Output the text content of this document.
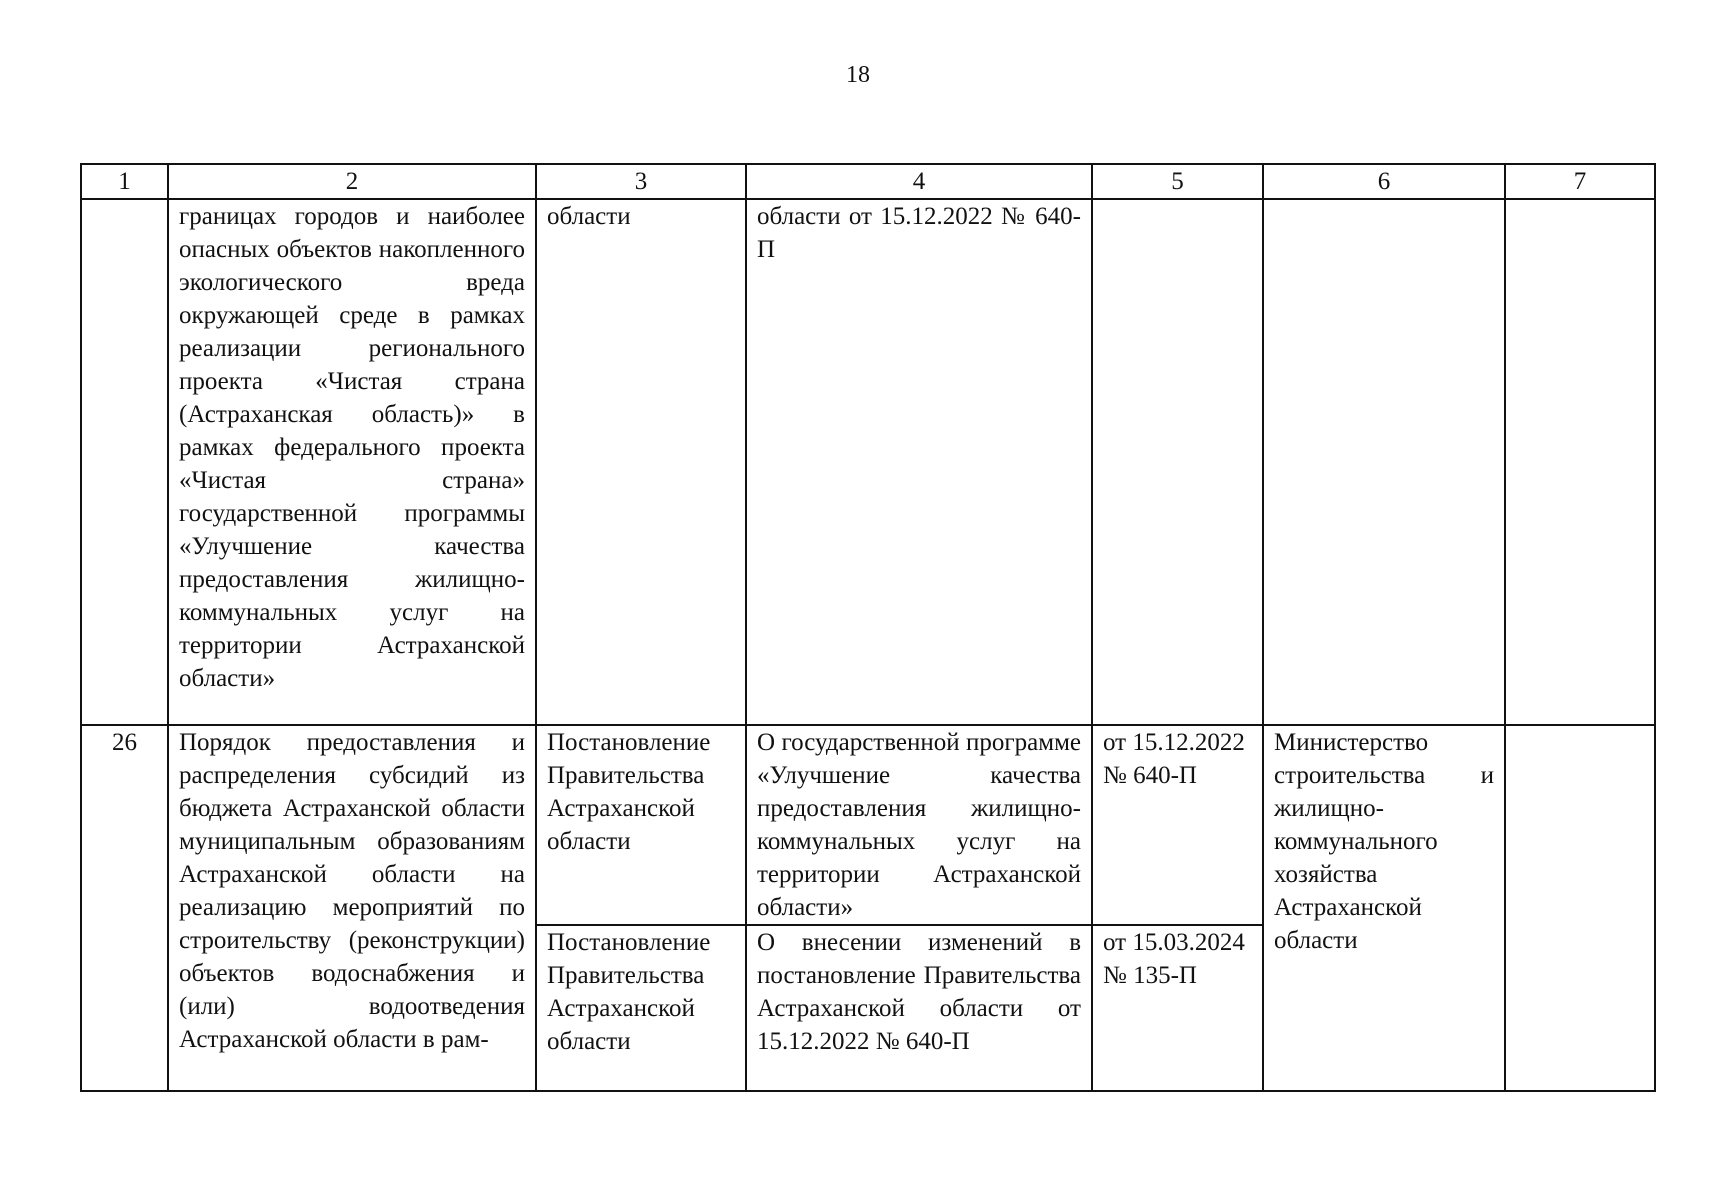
18
1	2	3	4	5	6	7
	границах городов и наиболее опасных объектов накопленного экологического вреда окружающей среде в рамках реализации регионального проекта «Чистая страна (Астраханская область)» в рамках федерального проекта «Чистая страна» государственной программы «Улучшение качества предоставления жилищно-коммунальных услуг на территории Астраханской области»	области	области от 15.12.2022 № 640-П			
26	Порядок предоставления и распределения субсидий из бюджета Астраханской области муниципальным образованиям Астраханской области на реализацию мероприятий по строительству (реконструкции) объектов водоснабжения и (или) водоотведения Астраханской области в рам-	Постановление Правительства Астраханской области	О государственной программе «Улучшение качества предоставления жилищно-коммунальных услуг на территории Астраханской области»	от 15.12.2022 № 640-П	Министерство строительства и жилищно-коммунального хозяйства Астраханской области	
		Постановление Правительства Астраханской области	О внесении изменений в постановление Правительства Астраханской области от 15.12.2022 № 640-П	от 15.03.2024 № 135-П		
